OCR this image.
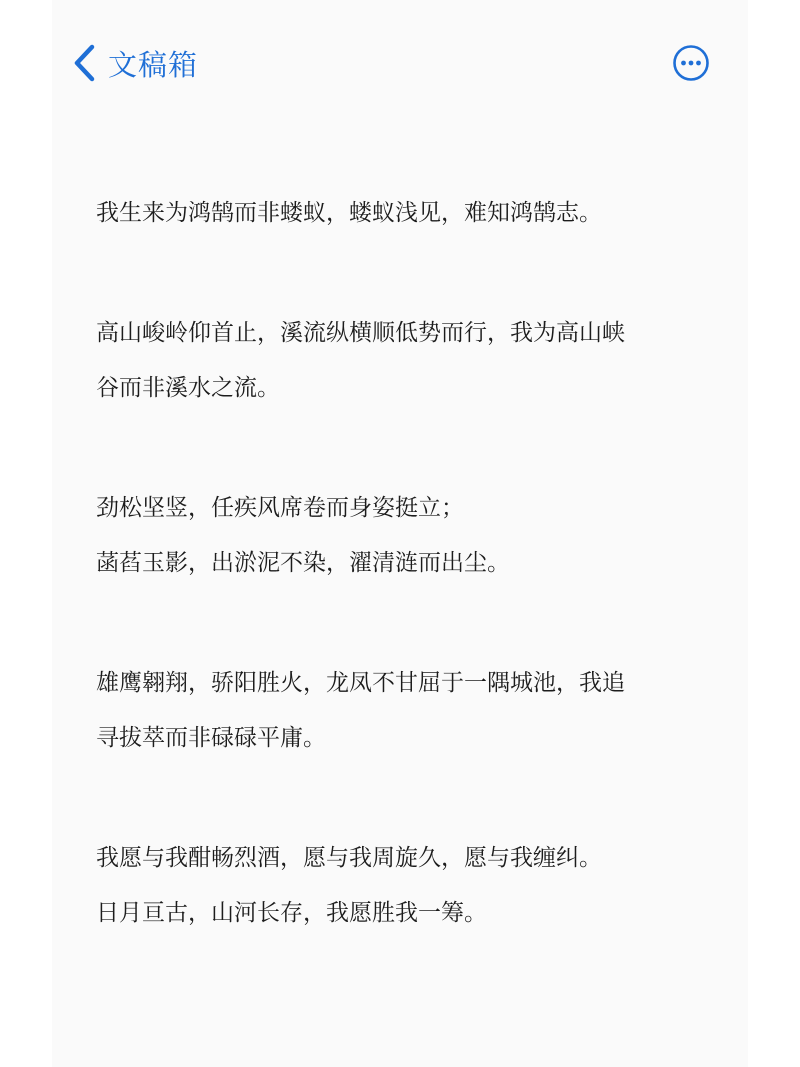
文稿箱

我生来为鸿鹄而非蝼蚁，蝼蚁浅见，难知鸿鹄志。

高山峻岭仰首止，溪流纵横顺低势而行，我为高山峡
谷而非溪水之流。

劲松坚竖，任疾风席卷而身姿挺立；
菡萏玉影，出淤泥不染，濯清涟而出尘。

雄鹰翱翔，骄阳胜火，龙凤不甘屈于一隅城池，我追
寻拔萃而非碌碌平庸。

我愿与我酣畅烈酒，愿与我周旋久，愿与我缠纠。
日月亘古，山河长存，我愿胜我一筹。
